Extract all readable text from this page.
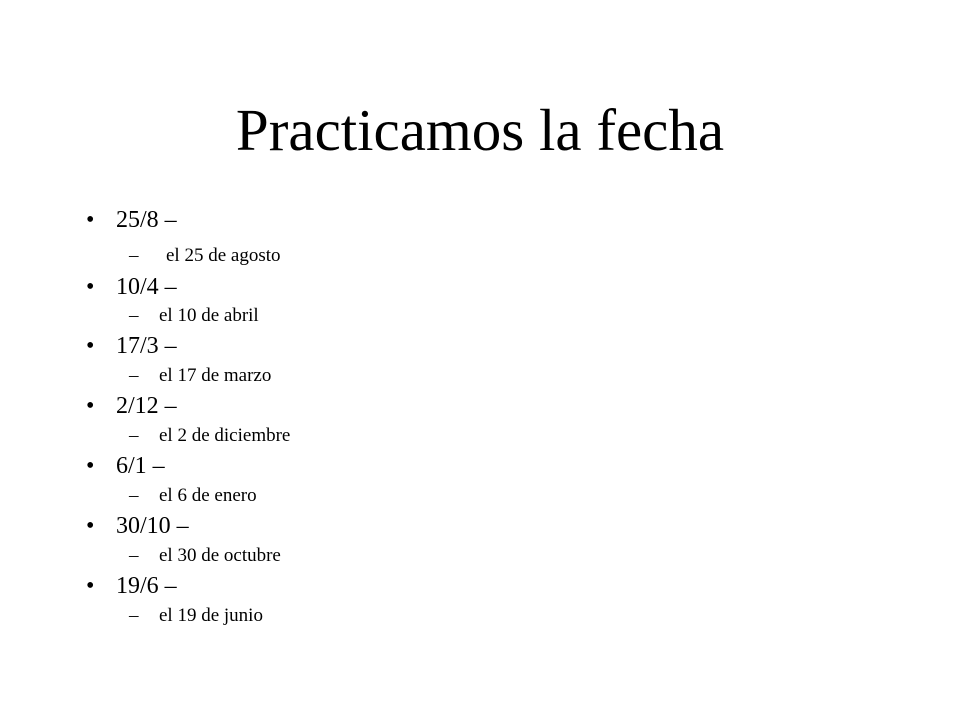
Practicamos la fecha
• 25/8 –
– el 25 de agosto
• 10/4 –
– el 10 de abril
• 17/3 –
– el 17 de marzo
• 2/12 –
– el 2 de diciembre
• 6/1 –
– el 6 de enero
• 30/10 –
– el 30 de octubre
• 19/6 –
– el 19 de junio
